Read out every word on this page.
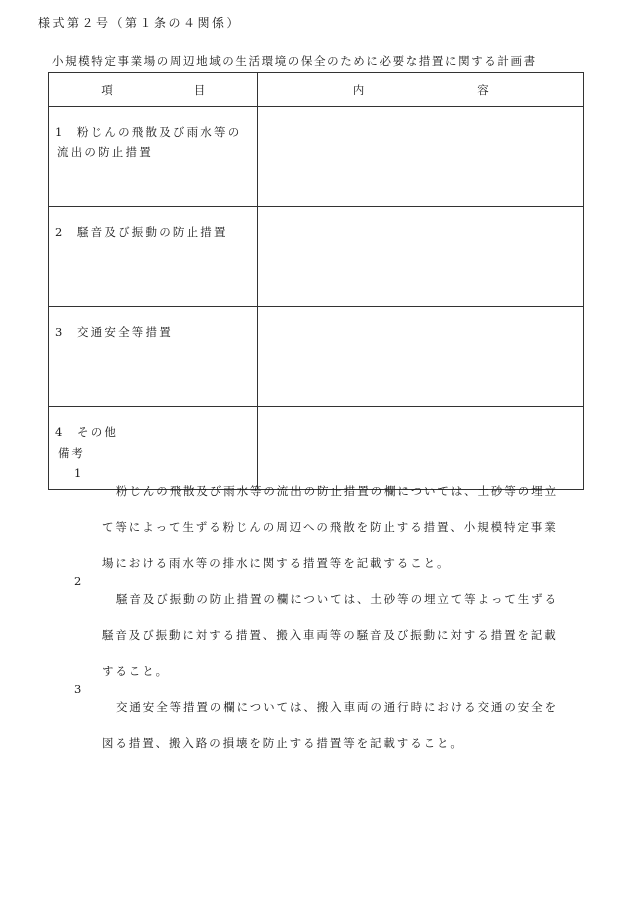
様式第２号（第１条の４関係）
小規模特定事業場の周辺地域の生活環境の保全のために必要な措置に関する計画書
項 目	内 容

1 粉じんの飛散及び雨水等の
流出の防止措置	
2 騒音及び振動の防止措置	
3 交通安全等措置	
4 その他	
備考
1

粉じんの飛散及び雨水等の流出の防止措置の欄については、土砂等の埋立

て等によって生ずる粉じんの周辺への飛散を防止する措置、小規模特定事業

場における雨水等の排水に関する措置等を記載すること。

2

騒音及び振動の防止措置の欄については、土砂等の埋立て等よって生ずる

騒音及び振動に対する措置、搬入車両等の騒音及び振動に対する措置を記載

すること。

3

交通安全等措置の欄については、搬入車両の通行時における交通の安全を

図る措置、搬入路の損壊を防止する措置等を記載すること。
